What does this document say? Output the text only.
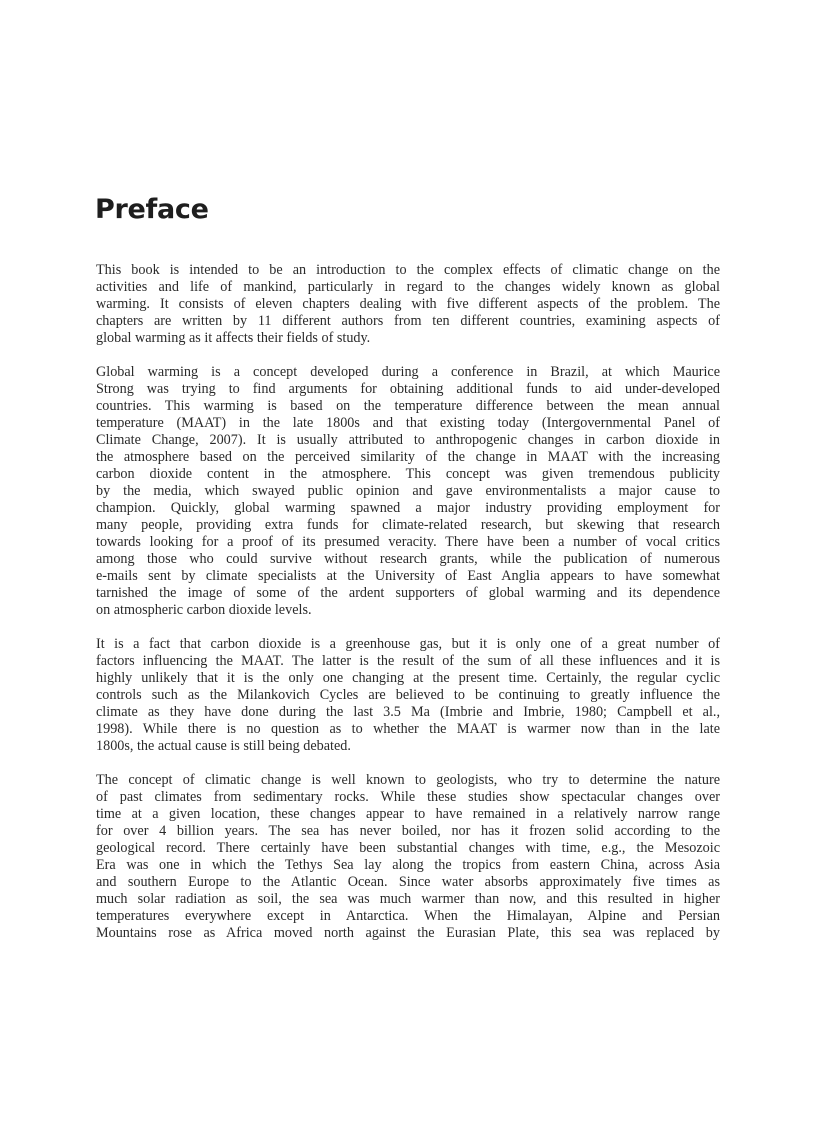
Preface

This book is intended to be an introduction to the complex effects of climatic change on the
activities and life of mankind, particularly in regard to the changes widely known as global
warming. It consists of eleven chapters dealing with five different aspects of the problem. The
chapters are written by 11 different authors from ten different countries, examining aspects of
global warming as it affects their fields of study.

Global warming is a concept developed during a conference in Brazil, at which Maurice
Strong was trying to find arguments for obtaining additional funds to aid under-developed
countries. This warming is based on the temperature difference between the mean annual
temperature (MAAT) in the late 1800s and that existing today (Intergovernmental Panel of
Climate Change, 2007). It is usually attributed to anthropogenic changes in carbon dioxide in
the atmosphere based on the perceived similarity of the change in MAAT with the increasing
carbon dioxide content in the atmosphere. This concept was given tremendous publicity
by the media, which swayed public opinion and gave environmentalists a major cause to
champion. Quickly, global warming spawned a major industry providing employment for
many people, providing extra funds for climate-related research, but skewing that research
towards looking for a proof of its presumed veracity. There have been a number of vocal critics
among those who could survive without research grants, while the publication of numerous
e-mails sent by climate specialists at the University of East Anglia appears to have somewhat
tarnished the image of some of the ardent supporters of global warming and its dependence
on atmospheric carbon dioxide levels.

It is a fact that carbon dioxide is a greenhouse gas, but it is only one of a great number of
factors influencing the MAAT. The latter is the result of the sum of all these influences and it is
highly unlikely that it is the only one changing at the present time. Certainly, the regular cyclic
controls such as the Milankovich Cycles are believed to be continuing to greatly influence the
climate as they have done during the last 3.5 Ma (Imbrie and Imbrie, 1980; Campbell et al.,
1998). While there is no question as to whether the MAAT is warmer now than in the late
1800s, the actual cause is still being debated.

The concept of climatic change is well known to geologists, who try to determine the nature
of past climates from sedimentary rocks. While these studies show spectacular changes over
time at a given location, these changes appear to have remained in a relatively narrow range
for over 4 billion years. The sea has never boiled, nor has it frozen solid according to the
geological record. There certainly have been substantial changes with time, e.g., the Mesozoic
Era was one in which the Tethys Sea lay along the tropics from eastern China, across Asia
and southern Europe to the Atlantic Ocean. Since water absorbs approximately five times as
much solar radiation as soil, the sea was much warmer than now, and this resulted in higher
temperatures everywhere except in Antarctica. When the Himalayan, Alpine and Persian
Mountains rose as Africa moved north against the Eurasian Plate, this sea was replaced by
